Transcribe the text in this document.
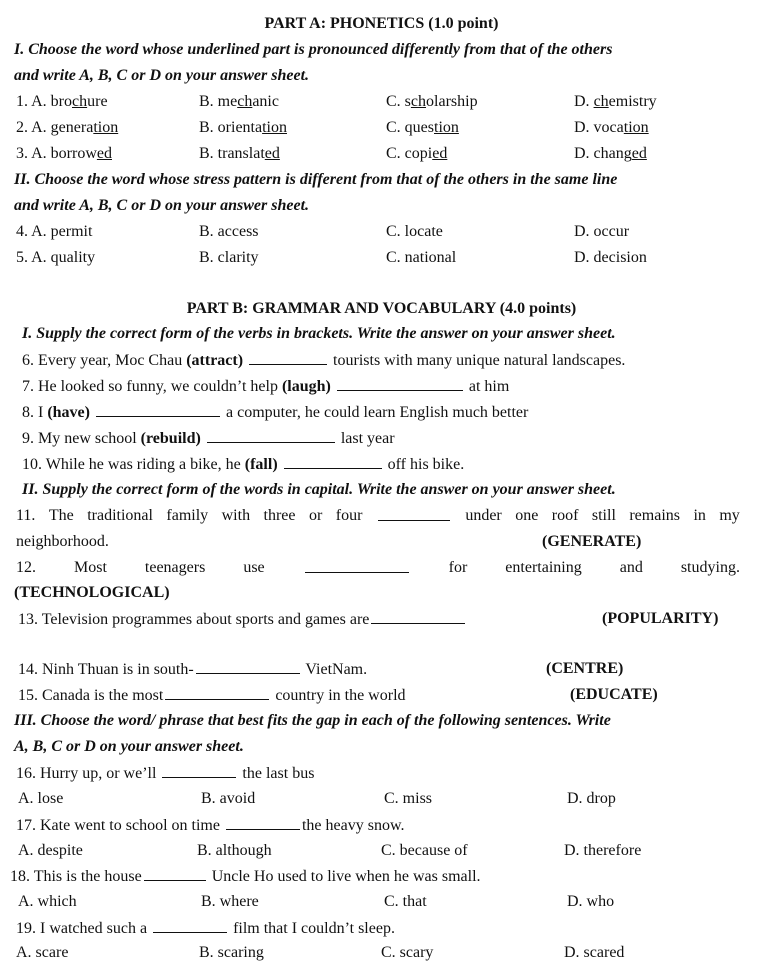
PART A: PHONETICS (1.0 point)
I. Choose the word whose underlined part is pronounced differently from that of the others
and write A, B, C or D on your answer sheet.
1. A. brochure	B. mechanic	C. scholarship	D. chemistry
2. A. generation	B. orientation	C. question	D. vocation
3. A. borrowed	B. translated	C. copied	D. changed
II. Choose the word whose stress pattern is different from that of the others in the same line
and write A, B, C or D on your answer sheet.
4. A. permit	B. access	C. locate	D. occur
5. A. quality	B. clarity	C. national	D. decision
PART B: GRAMMAR AND VOCABULARY (4.0 points)
I. Supply the correct form of the verbs in brackets. Write the answer on your answer sheet.
6. Every year, Moc Chau (attract)	tourists with many unique natural landscapes.
7. He looked so funny, we couldn’t help (laugh)	at him
8. I (have)	a computer, he could learn English much better
9. My new school (rebuild)	last year
10. While he was riding a bike, he (fall)	off his bike.
II. Supply the correct form of the words in capital. Write the answer on your answer sheet.
11. The traditional family with three or four	under one roof still remains in my
neighborhood.	(GENERATE)
12. Most teenagers use	for entertaining and studying.
(TECHNOLOGICAL)
13. Television programmes about sports and games are	(POPULARITY)
14. Ninh Thuan is in south-	VietNam.	(CENTRE)
15. Canada is the most	country in the world	(EDUCATE)
III. Choose the word/ phrase that best fits the gap in each of the following sentences. Write
A, B, C or D on your answer sheet.
16. Hurry up, or we’ll	the last bus
A. lose	B. avoid	C. miss	D. drop
17. Kate went to school on time	the heavy snow.
A. despite	B. although	C. because of	D. therefore
18. This is the house	Uncle Ho used to live when he was small.
A. which	B. where	C. that	D. who
19. I watched such a	film that I couldn’t sleep.
A. scare	B. scaring	C. scary	D. scared
